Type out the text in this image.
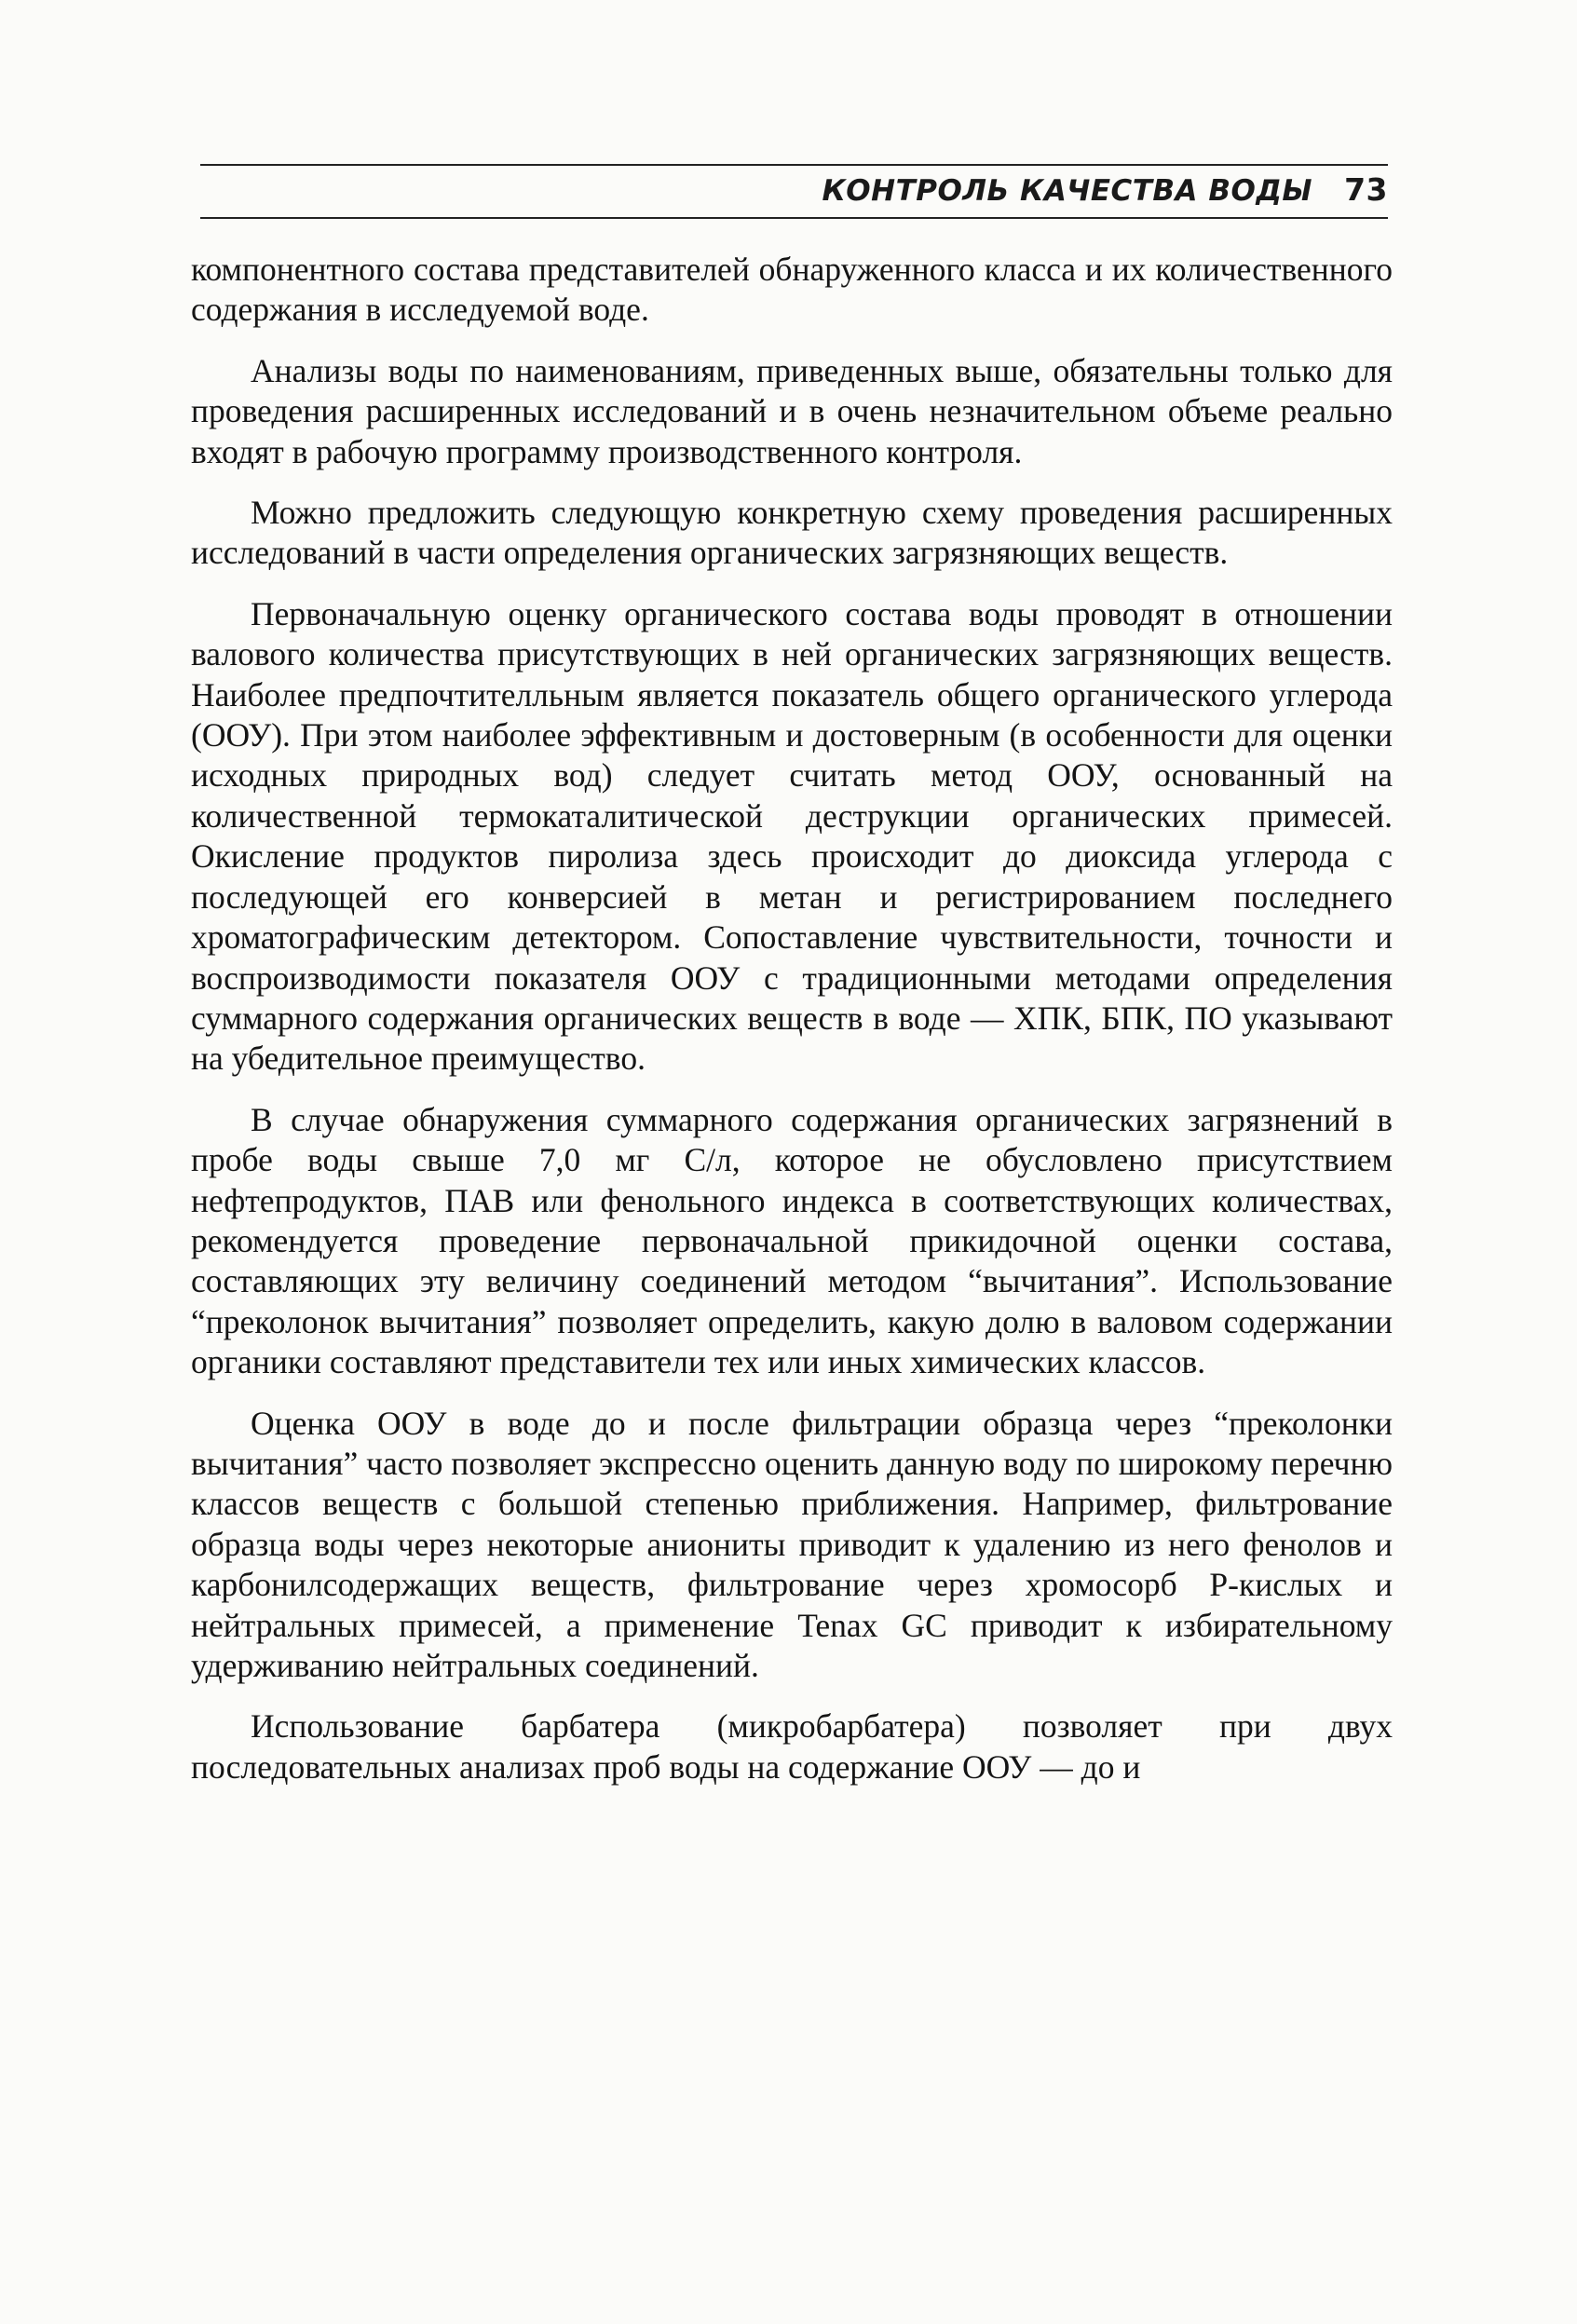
КОНТРОЛЬ КАЧЕСТВА ВОДЫ 73

компонентного состава представителей обнаруженного класса и их количественного содержания в исследуемой воде.

Анализы воды по наименованиям, приведенных выше, обязательны только для проведения расширенных исследований и в очень незначительном объеме реально входят в рабочую программу производственного контроля.

Можно предложить следующую конкретную схему проведения расширенных исследований в части определения органических загрязняющих веществ.

Первоначальную оценку органического состава воды проводят в отношении валового количества присутствующих в ней органических загрязняющих веществ. Наиболее предпочтителльным является показатель общего органического углерода (ООУ). При этом наиболее эффективным и достоверным (в особенности для оценки исходных природных вод) следует считать метод ООУ, основанный на количественной термокаталитической деструкции органических примесей. Окисление продуктов пиролиза здесь происходит до диоксида углерода с последующей его конверсией в метан и регистрированием последнего хроматографическим детектором. Сопоставление чувствительности, точности и воспроизводимости показателя ООУ с традиционными методами определения суммарного содержания органических веществ в воде — ХПК, БПК, ПО указывают на убедительное преимущество.

В случае обнаружения суммарного содержания органических загрязнений в пробе воды свыше 7,0 мг С/л, которое не обусловлено присутствием нефтепродуктов, ПАВ или фенольного индекса в соответствующих количествах, рекомендуется проведение первоначальной прикидочной оценки состава, составляющих эту величину соединений методом “вычитания”. Использование “преколонок вычитания” позволяет определить, какую долю в валовом содержании органики составляют представители тех или иных химических классов.

Оценка ООУ в воде до и после фильтрации образца через “преколонки вычитания” часто позволяет экспрессно оценить данную воду по широкому перечню классов веществ с большой степенью приближения. Например, фильтрование образца воды через некоторые аниониты приводит к удалению из него фенолов и карбонилсодержащих веществ, фильтрование через хромосорб Р-кислых и нейтральных примесей, а применение Tenax GC приводит к избирательному удерживанию нейтральных соединений.

Использование барбатера (микробарбатера) позволяет при двух последовательных анализах проб воды на содержание ООУ — до и
